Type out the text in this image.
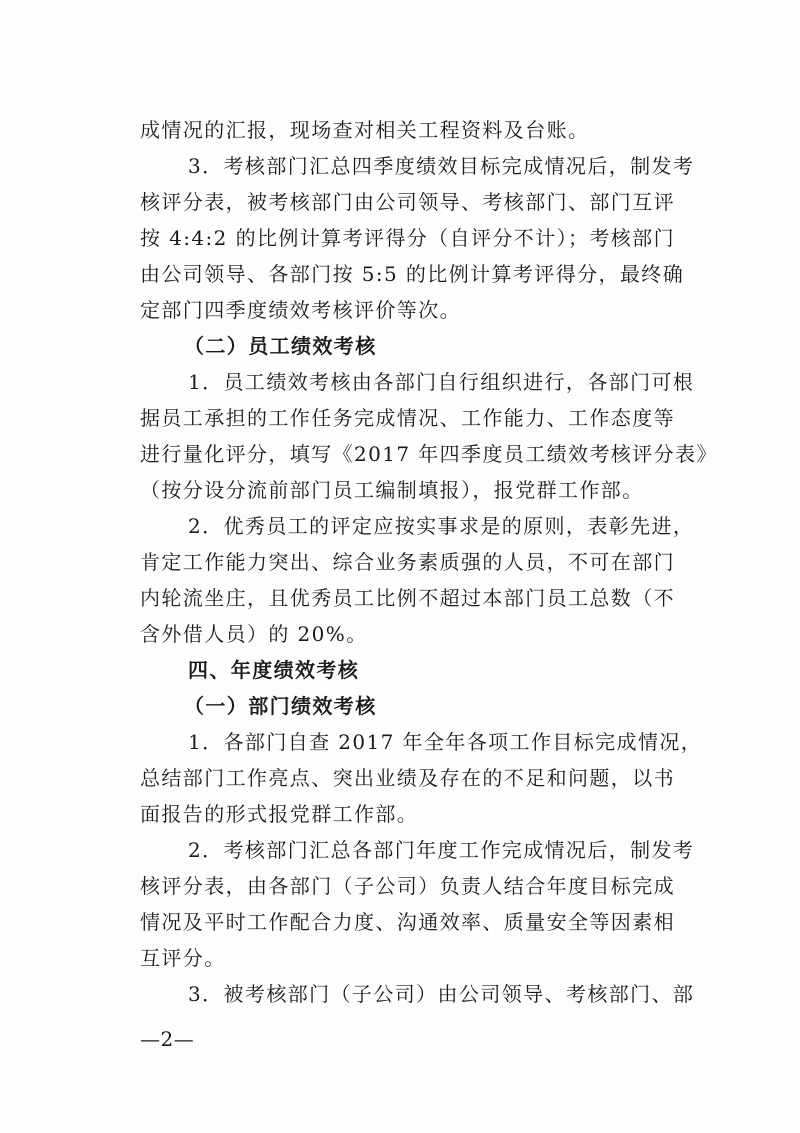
成情况的汇报，现场查对相关工程资料及台账。
3．考核部门汇总四季度绩效目标完成情况后，制发考
核评分表，被考核部门由公司领导、考核部门、部门互评
按 4:4:2 的比例计算考评得分（自评分不计）；考核部门
由公司领导、各部门按 5:5 的比例计算考评得分，最终确
定部门四季度绩效考核评价等次。
（二）员工绩效考核
1．员工绩效考核由各部门自行组织进行，各部门可根
据员工承担的工作任务完成情况、工作能力、工作态度等
进行量化评分，填写《2017 年四季度员工绩效考核评分表》
（按分设分流前部门员工编制填报），报党群工作部。
2．优秀员工的评定应按实事求是的原则，表彰先进，
肯定工作能力突出、综合业务素质强的人员，不可在部门
内轮流坐庄，且优秀员工比例不超过本部门员工总数（不
含外借人员）的 20%。
四、年度绩效考核
（一）部门绩效考核
1．各部门自查 2017 年全年各项工作目标完成情况，
总结部门工作亮点、突出业绩及存在的不足和问题，以书
面报告的形式报党群工作部。
2．考核部门汇总各部门年度工作完成情况后，制发考
核评分表，由各部门（子公司）负责人结合年度目标完成
情况及平时工作配合力度、沟通效率、质量安全等因素相
互评分。
3．被考核部门（子公司）由公司领导、考核部门、部
—2—
